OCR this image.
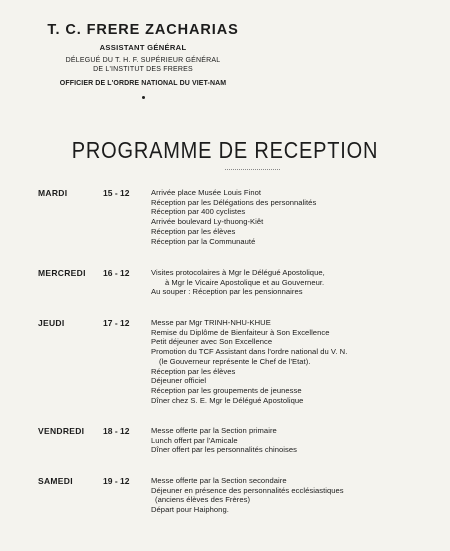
T. C. FRERE ZACHARIAS
ASSISTANT GÉNÉRAL
DÉLEGUÉ DU T. H. F. SUPÉRIEUR GÉNÉRAL
DE L'INSTITUT DES FRERES
OFFICIER DE L'ORDRE NATIONAL DU VIET-NAM
PROGRAMME DE RECEPTION
MARDI	15 - 12	Arrivée place Musée Louis Finot
Réception par les Délégations des personnalités
Réception par 400 cyclistes
Arrivée boulevard Ly-thuong-Kiêt
Réception par les élèves
Réception par la Communauté
MERCREDI 16 - 12	Visites protocolaires à Mgr le Délégué Apostolique,
à Mgr le Vicaire Apostolique et au Gouverneur.
Au souper : Réception par les pensionnaires
JEUDI	17 - 12	Messe par Mgr TRINH-NHU-KHUE
Remise du Diplôme de Bienfaiteur à Son Excellence
Petit déjeuner avec Son Excellence
Promotion du TCF Assistant dans l'ordre national du V. N.
(le Gouverneur représente le Chef de l'Etat).
Réception par les élèves
Déjeuner officiel
Réception par les groupements de jeunesse
Dîner chez S. E. Mgr le Délégué Apostolique
VENDREDI 18 - 12	Messe offerte par la Section primaire
Lunch offert par l'Amicale
Dîner offert par les personnalités chinoises
SAMEDI	19 - 12	Messe offerte par la Section secondaire
Déjeuner en présence des personnalités ecclésiastiques
(anciens élèves des Frères)
Départ pour Haiphong.
